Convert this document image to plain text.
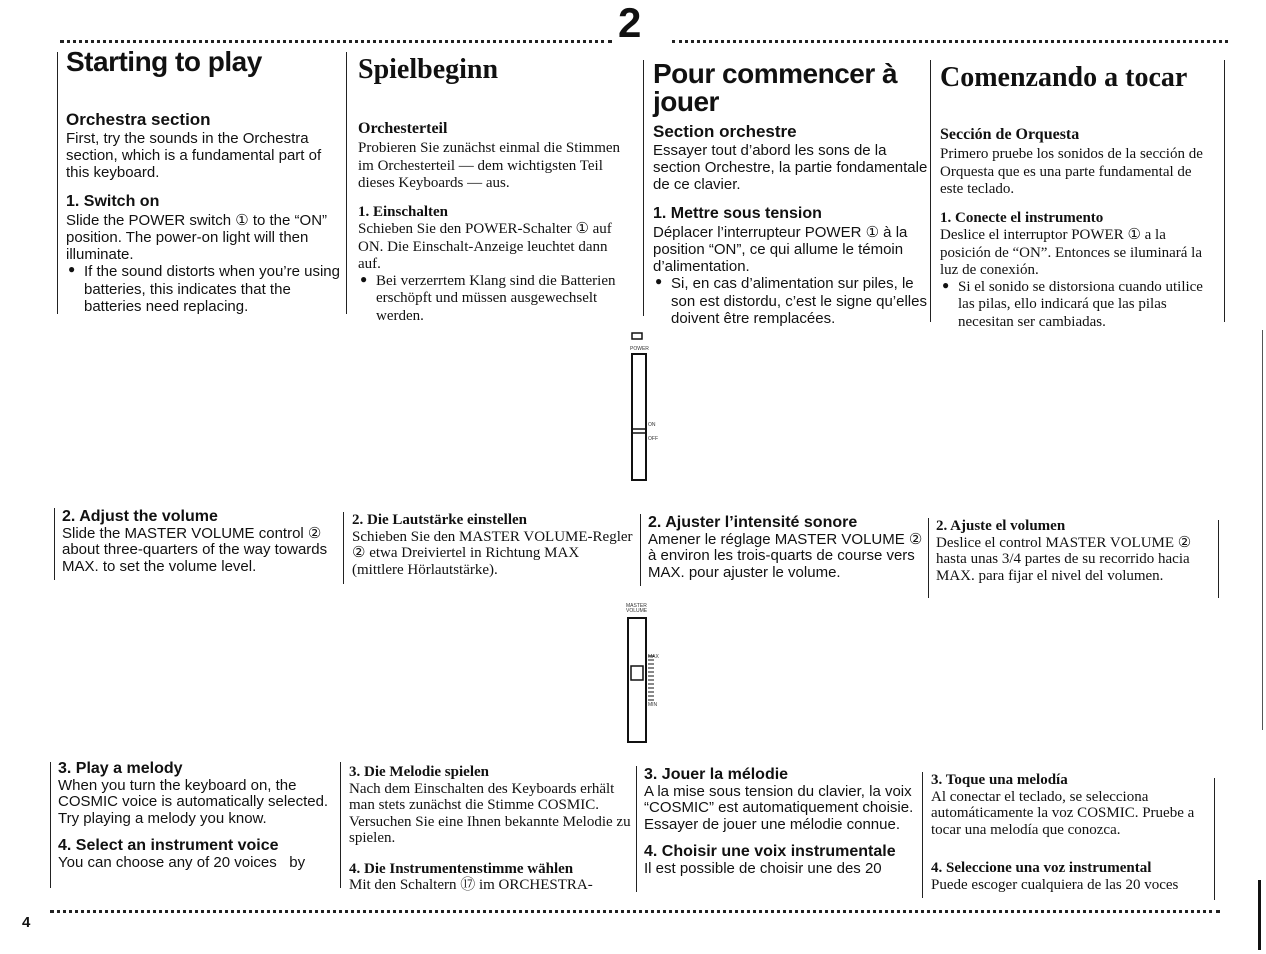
2
4
Starting to play
Orchestra section

First, try the sounds in the Orchestra section, which is a fundamental part of this keyboard.

1. Switch on

Slide the POWER switch ① to the “ON” position. The power-on light will then illuminate.

● If the sound distorts when you’re using batteries, this indicates that the batteries need replacing.

Spielbeginn
Orchesterteil

Probieren Sie zunächst einmal die Stimmen im Orchesterteil — dem wichtigsten Teil dieses Keyboards — aus.

1. Einschalten

Schieben Sie den POWER-Schalter ① auf ON. Die Einschalt-Anzeige leuchtet dann auf.

● Bei verzerrtem Klang sind die Batterien erschöpft und müssen ausgewechselt werden.

Pour commencer à jouer
Section orchestre

Essayer tout d’abord les sons de la section Orchestre, la partie fondamentale de ce clavier.

1. Mettre sous tension

Déplacer l’interrupteur POWER ① à la position “ON”, ce qui allume le témoin d’alimentation.

● Si, en cas d’alimentation sur piles, le son est distordu, c’est le signe qu’elles doivent être remplacées.

Comenzando a tocar
Sección de Orquesta

Primero pruebe los sonidos de la sección de Orquesta que es una parte fundamental de este teclado.

1. Conecte el instrumento

Deslice el interruptor POWER ① a la posición de “ON”. Entonces se iluminará la luz de conexión.

● Si el sonido se distorsiona cuando utilice las pilas, ello indicará que las pilas necesitan ser cambiadas.

POWER
ON
OFF
2. Adjust the volume

Slide the MASTER VOLUME control ② about three-quarters of the way towards MAX. to set the volume level.

2. Die Lautstärke einstellen

Schieben Sie den MASTER VOLUME-Regler ② etwa Dreiviertel in Richtung MAX (mittlere Hörlautstärke).

2. Ajuster l’intensité sonore

Amener le réglage MASTER VOLUME ② à environ les trois-quarts de course vers MAX. pour ajuster le volume.

2. Ajuste el volumen

Deslice el control MASTER VOLUME ② hasta unas 3/4 partes de su recorrido hacia MAX. para fijar el nivel del volumen.

MASTER VOLUME
MAX
MIN
3. Play a melody

When you turn the keyboard on, the COSMIC voice is automatically selected. Try playing a melody you know.

4. Select an instrument voice

You can choose any of 20 voices   by

3. Die Melodie spielen

Nach dem Einschalten des Keyboards erhält man stets zunächst die Stimme COSMIC. Versuchen Sie eine Ihnen bekannte Melodie zu spielen.

4. Die Instrumentenstimme wählen

Mit den Schaltern ⑰ im ORCHESTRA-

3. Jouer la mélodie

A la mise sous tension du clavier, la voix “COSMIC” est automatiquement choisie. Essayer de jouer une mélodie connue.

4. Choisir une voix instrumentale

Il est possible de choisir une des 20

3. Toque una melodía

Al conectar el teclado, se selecciona automáticamente la voz COSMIC. Pruebe a tocar una melodía que conozca.

4. Seleccione una voz instrumental

Puede escoger cualquiera de las 20 voces
